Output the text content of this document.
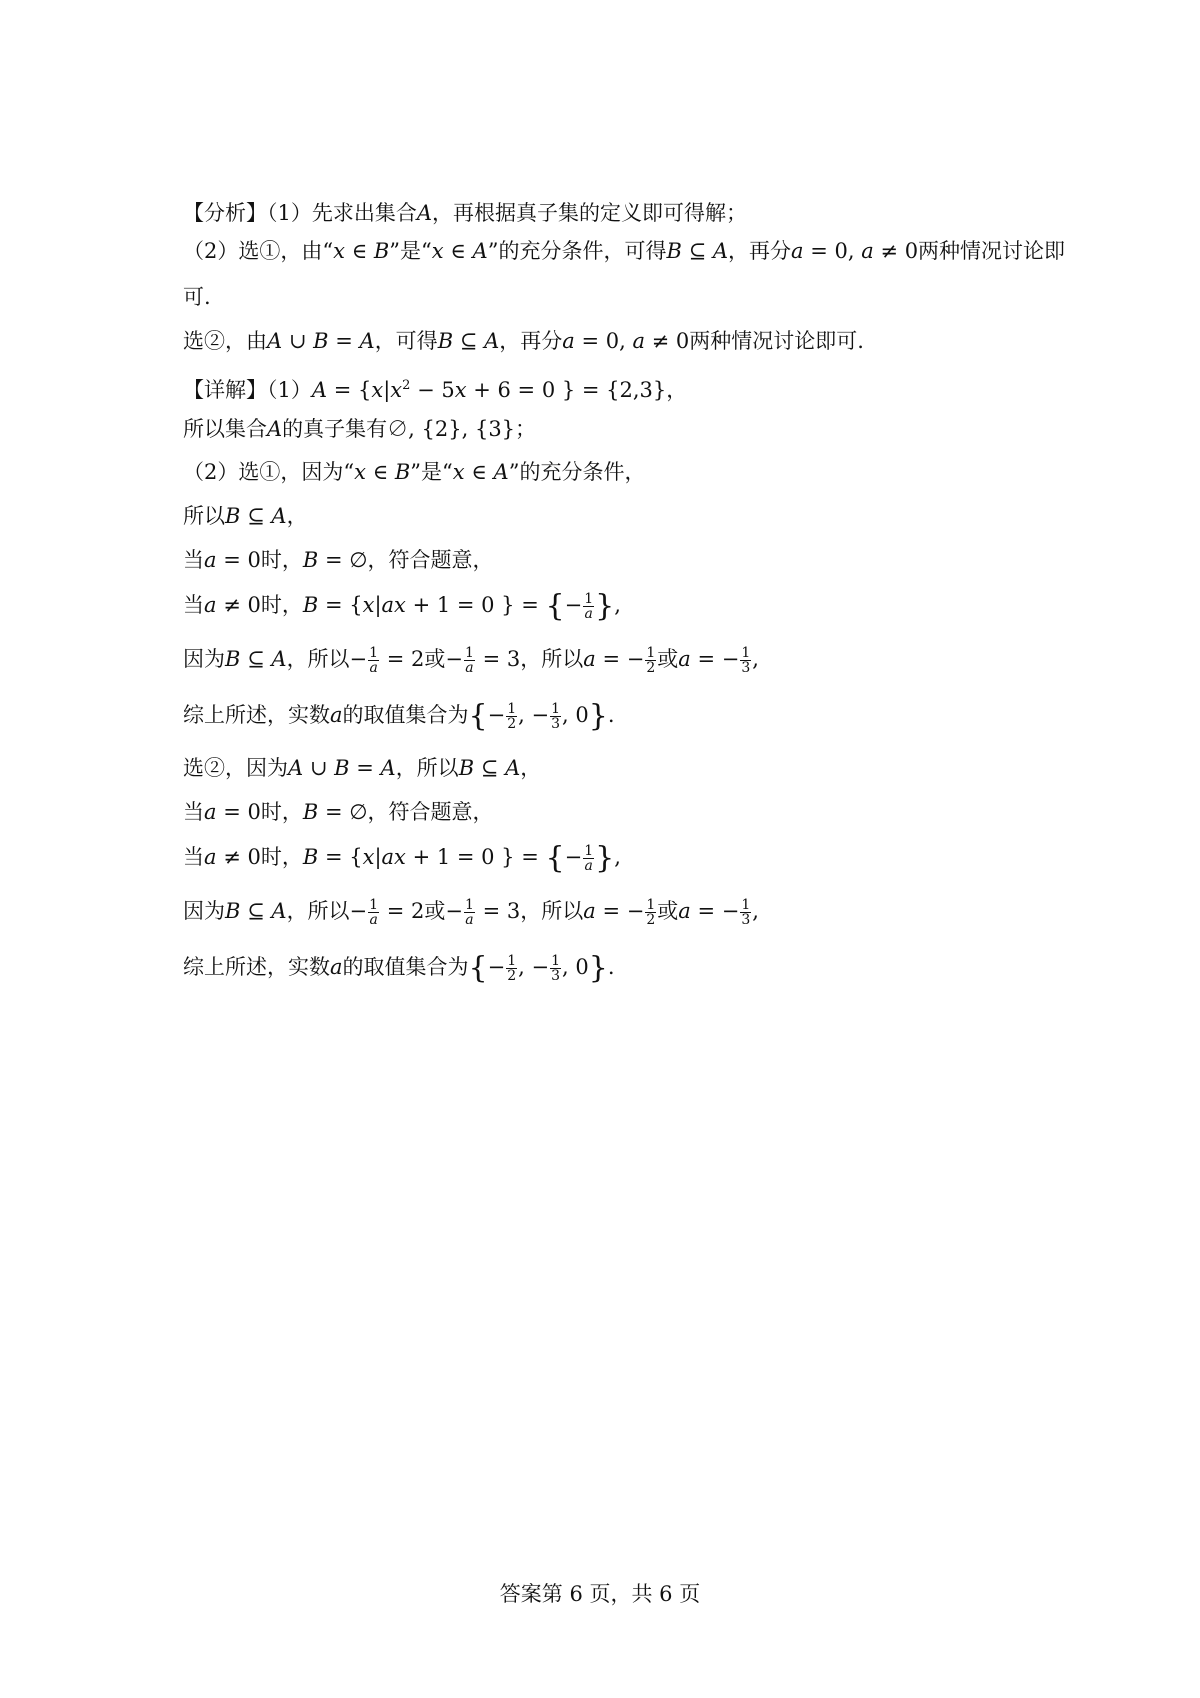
【分析】（1）先求出集合A，再根据真子集的定义即可得解；
（2）选①，由“x ∈ B”是“x ∈ A”的充分条件，可得B ⊆ A，再分a = 0, a ≠ 0两种情况讨论即
可.
选②，由A ∪ B = A，可得B ⊆ A，再分a = 0, a ≠ 0两种情况讨论即可.
【详解】$(1)A = \{x|x^2 - 5x + 6 = 0$ } = {2,3}，
所以集合A的真子集有∅, {2}, {3}；
（2）选①，因为“x ∈ B”是“x ∈ A”的充分条件，
所以B ⊆ A，
当a = 0时，B = ∅，符合题意，
当a ≠ 0时，B = {x|ax + 1 = 0 } = {− $\frac{1}{a}$ },
因为B ⊆ A，所以− $\frac{1}{a} = 2$或− $\frac{1}{a} = 3$，所以a = − $\frac{1}{2}$ 或a = − $\frac{1}{3}$ ,
综上所述，实数a的取值集合为{− $\frac{1}{2}$ , − $\frac{1}{3}$ , 0}.
选②，因为A ∪ B = A，所以B ⊆ A，
当a = 0时，B = ∅，符合题意，
当a ≠ 0时，B = {x|ax + 1 = 0 } = {− $\frac{1}{a}$ },
因为B ⊆ A，所以− $\frac{1}{a} = 2$或− $\frac{1}{a} = 3$，所以a = − $\frac{1}{2}$ 或a = − $\frac{1}{3}$ ,
综上所述，实数a的取值集合为{− $\frac{1}{2}$ , − $\frac{1}{3}$ , 0}.
答案第 6 页，共 6 页
